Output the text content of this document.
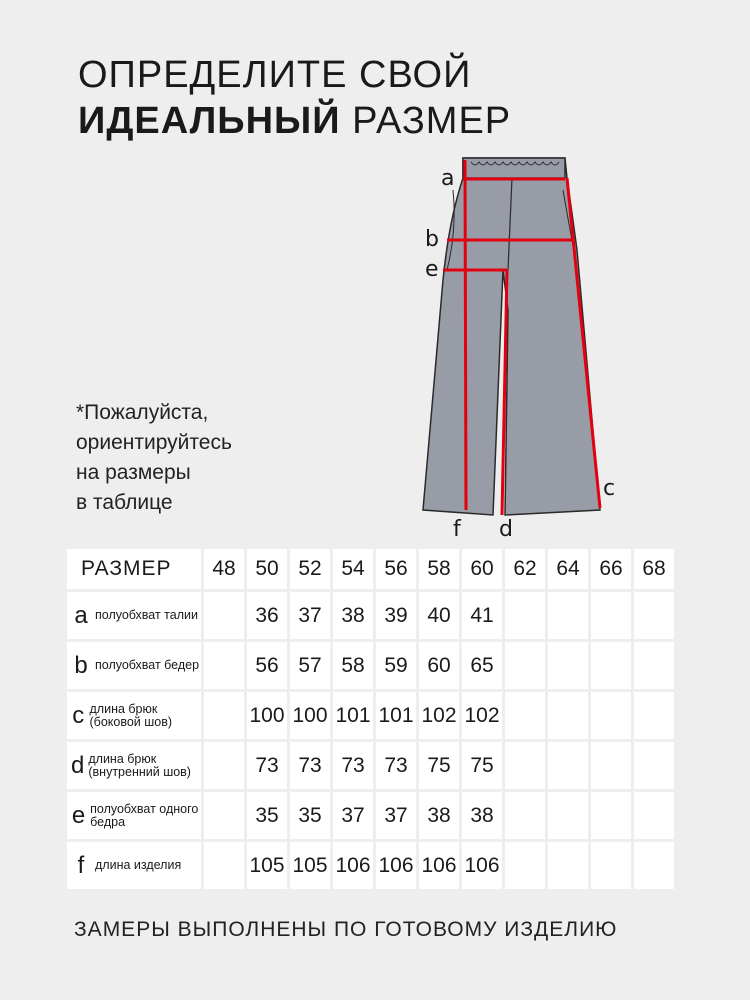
ОПРЕДЕЛИТЕ СВОЙ
ИДЕАЛЬНЫЙ РАЗМЕР
*Пожалуйста,
ориентируйтесь
на размеры
в таблице
a
b
e
c
f d
РАЗМЕР	48	50	52	54	56	58	60	62	64	66	68

a полуобхват талии		36	37	38	39	40	41				

b полуобхват бедер		56	57	58	59	60	65				

c длина брюк (боковой шов)		100	100	101	101	102	102				

d длина брюк (внутренний шов)		73	73	73	73	75	75				

e полуобхват одного бедра		35	35	37	37	38	38				

f длина изделия		105	105	106	106	106	106				
ЗАМЕРЫ ВЫПОЛНЕНЫ ПО ГОТОВОМУ ИЗДЕЛИЮ
